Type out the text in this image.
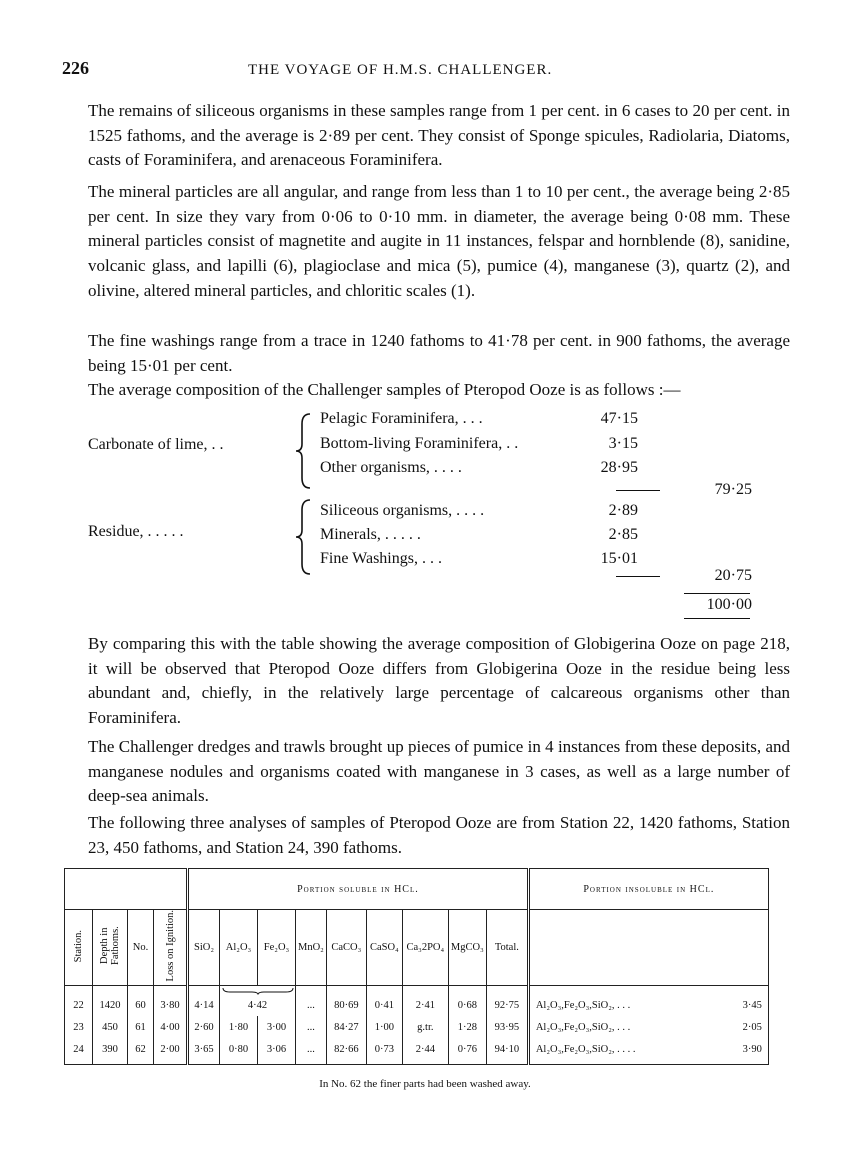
226	THE VOYAGE OF H.M.S. CHALLENGER.

The remains of siliceous organisms in these samples range from 1 per cent. in 6 cases to 20 per cent. in 1525 fathoms, and the average is 2·89 per cent. They consist of Sponge spicules, Radiolaria, Diatoms, casts of Foraminifera, and arenaceous Foraminifera.

The mineral particles are all angular, and range from less than 1 to 10 per cent., the average being 2·85 per cent. In size they vary from 0·06 to 0·10 mm. in diameter, the average being 0·08 mm. These mineral particles consist of magnetite and augite in 11 instances, felspar and hornblende (8), sanidine, volcanic glass, and lapilli (6), plagioclase and mica (5), pumice (4), manganese (3), quartz (2), and olivine, altered mineral particles, and chloritic scales (1).

The fine washings range from a trace in 1240 fathoms to 41·78 per cent. in 900 fathoms, the average being 15·01 per cent.

The average composition of the Challenger samples of Pteropod Ooze is as follows :—

Carbonate of lime, . .
Pelagic Foraminifera, . . .	47·15
Bottom-living Foraminifera, . .	3·15
Other organisms, . . . .	28·95
79·25
Residue, . . . . .
Siliceous organisms, . . . .	2·89
Minerals, . . . . .	2·85
Fine Washings, . . .	15·01
20·75
100·00

By comparing this with the table showing the average composition of Globigerina Ooze on page 218, it will be observed that Pteropod Ooze differs from Globigerina Ooze in the residue being less abundant and, chiefly, in the relatively large percentage of calcareous organisms other than Foraminifera.

The Challenger dredges and trawls brought up pieces of pumice in 4 instances from these deposits, and manganese nodules and organisms coated with manganese in 3 cases, as well as a large number of deep-sea animals.

The following three analyses of samples of Pteropod Ooze are from Station 22, 1420 fathoms, Station 23, 450 fathoms, and Station 24, 390 fathoms.

				Portion soluble in HCl.									Portion insoluble in HCl.	
Station.	Depth in Fathoms.	No.	Loss on Ignition.	SiO₂	Al₂O₃	Fe₂O₃	MnO₂	CaCO₃	CaSO₄	Ca₃2PO₄	MgCO₃	Total.		
22	1420	60	3·80	4·14	4·42		...	80·69	0·41	2·41	0·68	92·75	Al₂O₃,Fe₂O₃,SiO₂, . . .	3·45
23	450	61	4·00	2·60	1·80	3·00	...	84·27	1·00	g.tr.	1·28	93·95	Al₂O₃,Fe₂O₃,SiO₂, . . .	2·05
24	390	62	2·00	3·65	0·80	3·06	...	82·66	0·73	2·44	0·76	94·10	Al₂O₃,Fe₂O₃,SiO₂, . . . .	3·90
In No. 62 the finer parts had been washed away.
